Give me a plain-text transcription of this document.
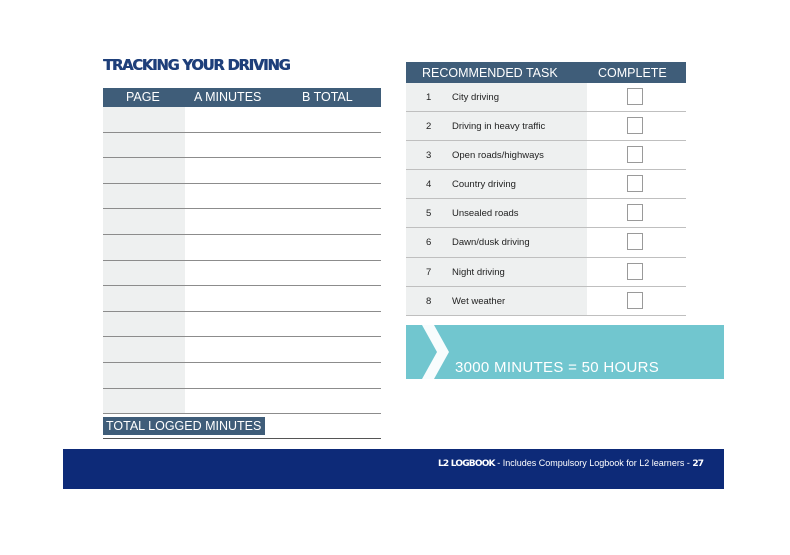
TRACKING YOUR DRIVING
PAGE	A MINUTES	B TOTAL
TOTAL LOGGED MINUTES
RECOMMENDED TASK	COMPLETE
1 City driving
2 Driving in heavy traffic
3 Open roads/highways
4 Country driving
5 Unsealed roads
6 Dawn/dusk driving
7 Night driving
8 Wet weather
3000 MINUTES = 50 HOURS
L2 LOGBOOK - Includes Compulsory Logbook for L2 learners - 27
